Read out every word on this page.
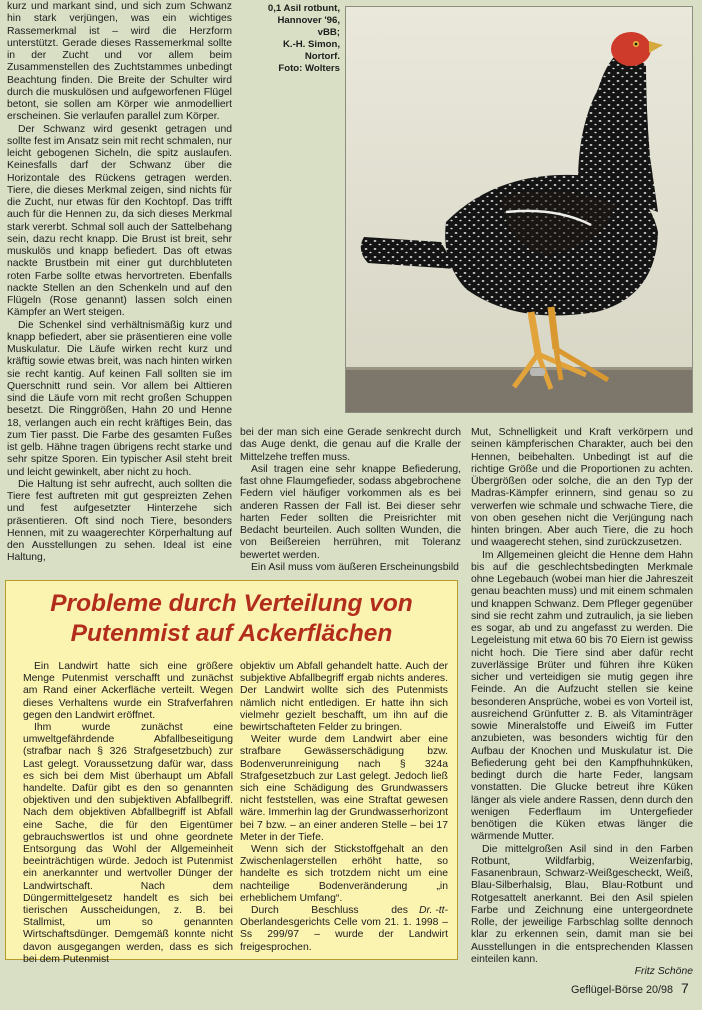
kurz und markant sind, und sich zum Schwanz hin stark verjüngen, was ein wichtiges Rassemerkmal ist – wird die Herzform unterstützt. Gerade dieses Rassemerkmal sollte in der Zucht und vor allem beim Zusammenstellen des Zuchtstammes unbedingt Beachtung finden. Die Breite der Schulter wird durch die muskulösen und aufgeworfenen Flügel betont, sie sollen am Körper wie anmodelliert erscheinen. Sie verlaufen parallel zum Körper.

Der Schwanz wird gesenkt getragen und sollte fest im Ansatz sein mit recht schmalen, nur leicht gebogenen Sicheln, die spitz auslaufen. Keinesfalls darf der Schwanz über die Horizontale des Rückens getragen werden. Tiere, die dieses Merkmal zeigen, sind nichts für die Zucht, nur etwas für den Kochtopf. Das trifft auch für die Hennen zu, da sich dieses Merkmal stark vererbt. Schmal soll auch der Sattelbehang sein, dazu recht knapp. Die Brust ist breit, sehr muskulös und knapp befiedert. Das oft etwas nackte Brustbein mit einer gut durchbluteten roten Farbe sollte etwas hervortreten. Ebenfalls nackte Stellen an den Schenkeln und auf den Flügeln (Rose genannt) lassen solch einen Kämpfer an Wert steigen.

Die Schenkel sind verhältnismäßig kurz und knapp befiedert, aber sie präsentieren eine volle Muskulatur. Die Läufe wirken recht kurz und kräftig sowie etwas breit, was nach hinten wirken sie recht kantig. Auf keinen Fall sollten sie im Querschnitt rund sein. Vor allem bei Alttieren sind die Läufe vorn mit recht großen Schuppen besetzt. Die Ringgrößen, Hahn 20 und Henne 18, verlangen auch ein recht kräftiges Bein, das zum Tier passt. Die Farbe des gesamten Fußes ist gelb. Hähne tragen übrigens recht starke und sehr spitze Sporen. Ein typischer Asil steht breit und leicht gewinkelt, aber nicht zu hoch.

Die Haltung ist sehr aufrecht, auch sollten die Tiere fest auftreten mit gut gespreizten Zehen und fest aufgesetzter Hinterzehe sich präsentieren. Oft sind noch Tiere, besonders Hennen, mit zu waagerechter Körperhaltung auf den Ausstellungen zu sehen. Ideal ist eine Haltung,

0,1 Asil rotbunt,
Hannover '96,
vBB;
K.-H. Simon,
Nortorf.
Foto: Wolters

bei der man sich eine Gerade senkrecht durch das Auge denkt, die genau auf die Kralle der Mittelzehe treffen muss.

Asil tragen eine sehr knappe Befiederung, fast ohne Flaumgefieder, sodass abgebrochene Federn viel häufiger vorkommen als es bei anderen Rassen der Fall ist. Bei dieser sehr harten Feder sollten die Preisrichter mit Bedacht beurteilen. Auch sollten Wunden, die von Beißereien herrühren, mit Toleranz bewertet werden.

Ein Asil muss vom äußeren Erscheinungsbild

Mut, Schnelligkeit und Kraft verkörpern und seinen kämpferischen Charakter, auch bei den Hennen, beibehalten. Unbedingt ist auf die richtige Größe und die Proportionen zu achten. Übergrößen oder solche, die an den Typ der Madras-Kämpfer erinnern, sind genau so zu verwerfen wie schmale und schwache Tiere, die von oben gesehen nicht die Verjüngung nach hinten bringen. Aber auch Tiere, die zu hoch und waagerecht stehen, sind zurückzusetzen.

Im Allgemeinen gleicht die Henne dem Hahn bis auf die geschlechtsbedingten Merkmale ohne Legebauch (wobei man hier die Jahreszeit genau beachten muss) und mit einem schmalen und knappen Schwanz. Dem Pfleger gegenüber sind sie recht zahm und zutraulich, ja sie lieben es sogar, ab und zu angefasst zu werden. Die Legeleistung mit etwa 60 bis 70 Eiern ist gewiss nicht hoch. Die Tiere sind aber dafür recht zuverlässige Brüter und führen ihre Küken sicher und verteidigen sie mutig gegen ihre Feinde. An die Aufzucht stellen sie keine besonderen Ansprüche, wobei es von Vorteil ist, ausreichend Grünfutter z. B. als Vitaminträger sowie Mineralstoffe und Eiweiß im Futter anzubieten, was besonders wichtig für den Aufbau der Knochen und Muskulatur ist. Die Befiederung geht bei den Kampfhuhnküken, bedingt durch die harte Feder, langsam vonstatten. Die Glucke betreut ihre Küken länger als viele andere Rassen, denn durch den wenigen Federflaum im Untergefieder benötigen die Küken etwas länger die wärmende Mutter.

Die mittelgroßen Asil sind in den Farben Rotbunt, Wildfarbig, Weizenfarbig, Fasanenbraun, Schwarz-Weißgescheckt, Weiß, Blau-Silberhalsig, Blau, Blau-Rotbunt und Rotgesattelt anerkannt. Bei den Asil spielen Farbe und Zeichnung eine untergeordnete Rolle, der jeweilige Farbschlag sollte dennoch klar zu erkennen sein, damit man sie bei Ausstellungen in die entsprechenden Klassen einteilen kann.

Fritz Schöne
Probleme durch Verteilung von
Putenmist auf Ackerflächen

Ein Landwirt hatte sich eine größere Menge Putenmist verschafft und zunächst am Rand einer Ackerfläche verteilt. Wegen dieses Verhaltens wurde ein Strafverfahren gegen den Landwirt eröffnet.

Ihm wurde zunächst eine umweltgefährdende Abfallbeseitigung (strafbar nach § 326 Strafgesetzbuch) zur Last gelegt. Voraussetzung dafür war, dass es sich bei dem Mist überhaupt um Abfall handelte. Dafür gibt es den so genannten objektiven und den subjektiven Abfallbegriff. Nach dem objektiven Abfallbegriff ist Abfall eine Sache, die für den Eigentümer gebrauchswertlos ist und ohne geordnete Entsorgung das Wohl der Allgemeinheit beeinträchtigen würde. Jedoch ist Putenmist ein anerkannter und wertvoller Dünger der Landwirtschaft. Nach dem Düngermittelgesetz handelt es sich bei tierischen Ausscheidungen, z. B. bei Stallmist, um so genannten Wirtschaftsdünger. Demgemäß konnte nicht davon ausgegangen werden, dass es sich bei dem Putenmist

objektiv um Abfall gehandelt hatte. Auch der subjektive Abfallbegriff ergab nichts anderes. Der Landwirt wollte sich des Putenmists nämlich nicht entledigen. Er hatte ihn sich vielmehr gezielt beschafft, um ihn auf die bewirtschafteten Felder zu bringen.

Weiter wurde dem Landwirt aber eine strafbare Gewässerschädigung bzw. Bodenverunreinigung nach § 324a Strafgesetzbuch zur Last gelegt. Jedoch ließ sich eine Schädigung des Grundwassers nicht feststellen, was eine Straftat gewesen wäre. Immerhin lag der Grundwasserhorizont bei 7 bzw. – an einer anderen Stelle – bei 17 Meter in der Tiefe.

Wenn sich der Stickstoffgehalt an den Zwischenlagerstellen erhöht hatte, so handelte es sich trotzdem nicht um eine nachteilige Bodenveränderung „in erheblichem Umfang“.

Dr. -tt-
Durch Beschluss des Oberlandesgerichts Celle vom 21. 1. 1998 – Ss 299/97 – wurde der Landwirt freigesprochen.

Geflügel-Börse 20/98 7
